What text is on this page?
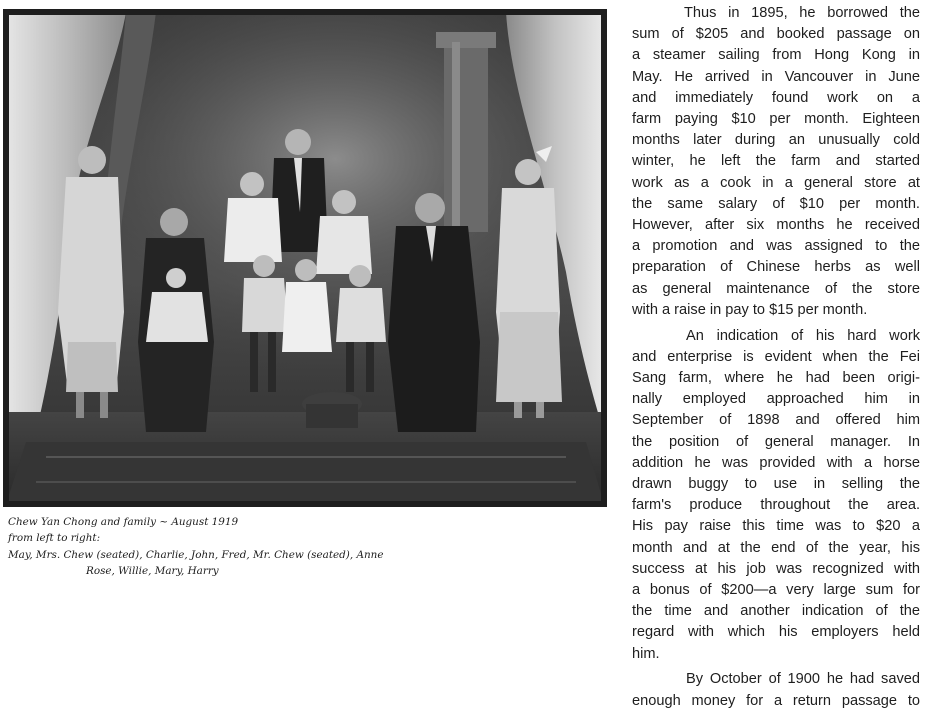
Chew Yan Chong and family ~ August 1919
from left to right:
May, Mrs. Chew (seated), Charlie, John, Fred, Mr. Chew (seated), Anne
Rose, Willie, Mary, Harry

Thus in 1895, he borrowed the
sum of $205 and booked passage on
a steamer sailing from Hong Kong in
May. He arrived in Vancouver in June
and immediately found work on a
farm paying $10 per month. Eighteen
months later during an unusually cold
winter, he left the farm and started
work as a cook in a general store at
the same salary of $10 per month.
However, after six months he received
a promotion and was assigned to the
preparation of Chinese herbs as well
as general maintenance of the store
with a raise in pay to $15 per month.

An indication of his hard work
and enterprise is evident when the Fei
Sang farm, where he had been origi-
nally employed approached him in
September of 1898 and offered him
the position of general manager. In
addition he was provided with a horse
drawn buggy to use in selling the
farm's produce throughout the area.
His pay raise this time was to $20 a
month and at the end of the year, his
success at his job was recognized with
a bonus of $200—a very large sum for
the time and another indication of the
regard with which his employers held
him.

By October of 1900 he had saved
enough money for a return passage to
